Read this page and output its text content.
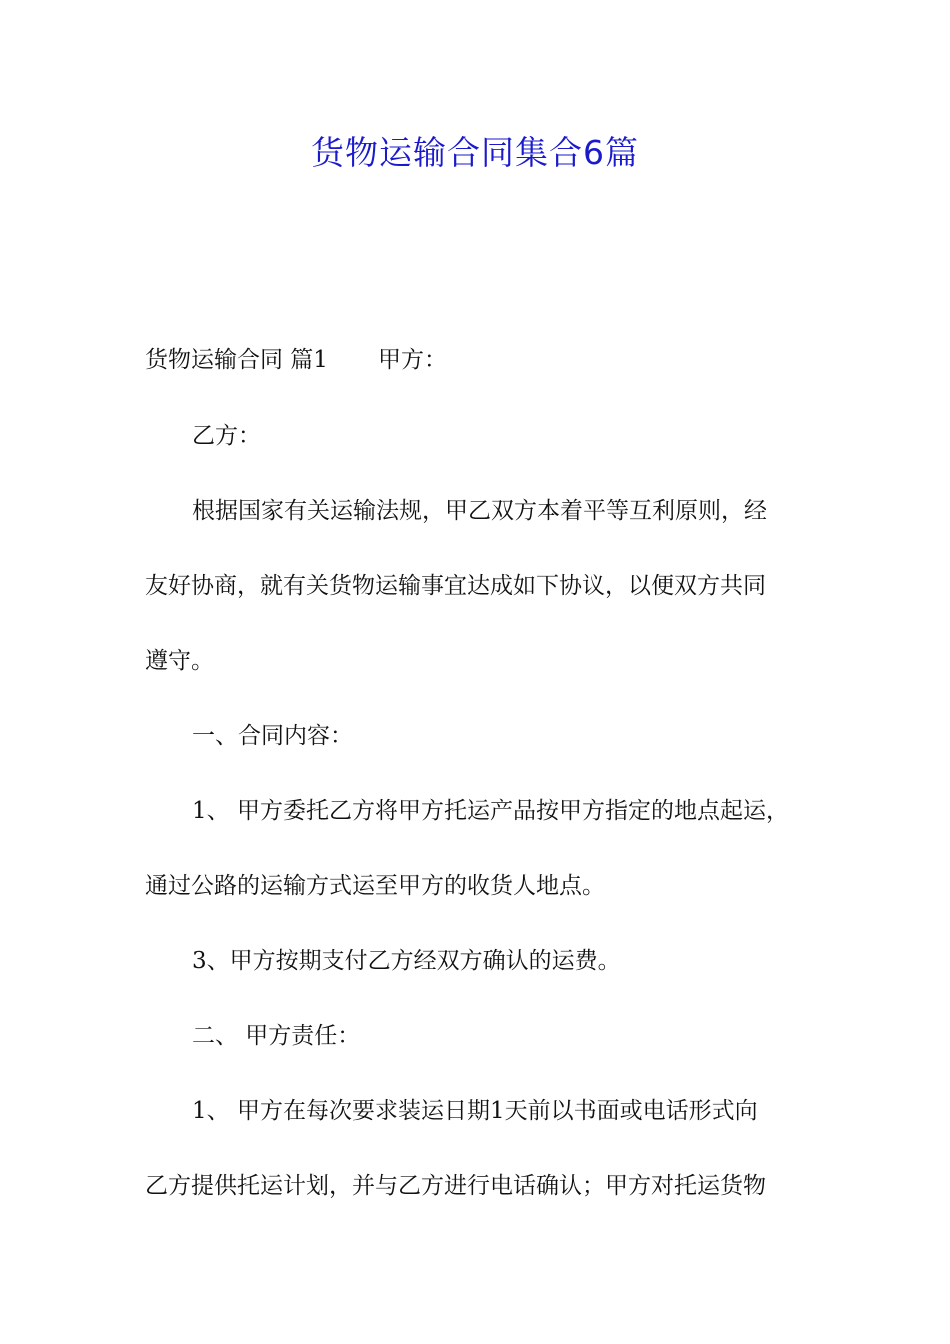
货物运输合同集合6篇
货物运输合同 篇1 甲方：
乙方：
根据国家有关运输法规，甲乙双方本着平等互利原则，经
友好协商，就有关货物运输事宜达成如下协议，以便双方共同
遵守。
一、合同内容：
1、 甲方委托乙方将甲方托运产品按甲方指定的地点起运，
通过公路的运输方式运至甲方的收货人地点。
3、甲方按期支付乙方经双方确认的运费。
二、 甲方责任：
1、 甲方在每次要求装运日期1天前以书面或电话形式向
乙方提供托运计划，并与乙方进行电话确认；甲方对托运货物
